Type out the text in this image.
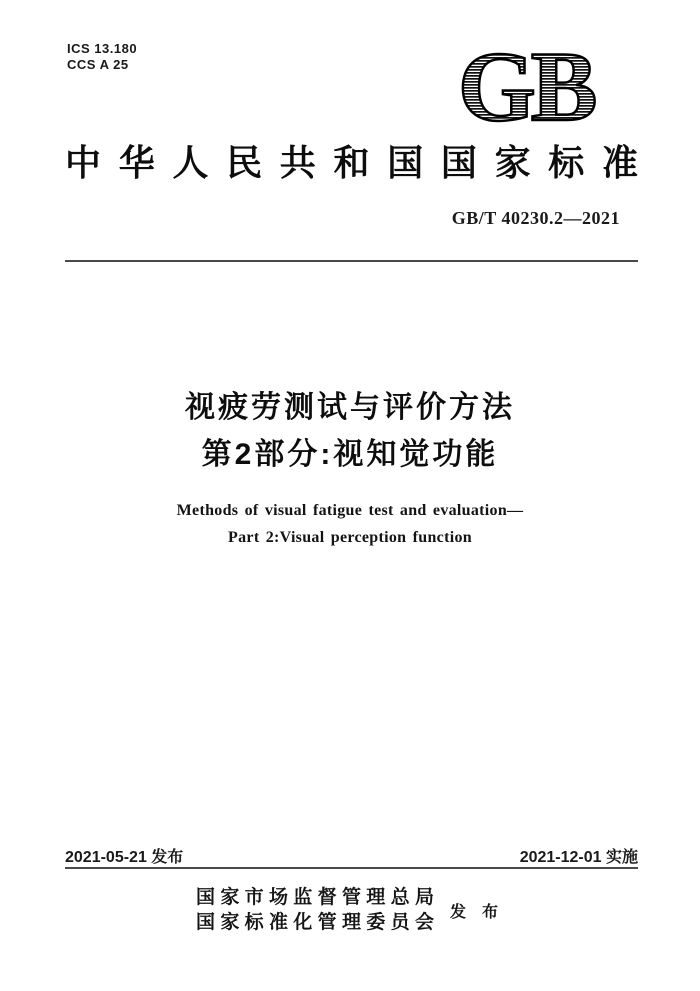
ICS 13.180
CCS A 25	GB
中华人民共和国国家标准
GB/T 40230.2—2021
视疲劳测试与评价方法
第2部分:视知觉功能
Methods of visual fatigue test and evaluation—
Part 2:Visual perception function
2021-05-21 发布	2021-12-01 实施
国家市场监督管理总局
国家标准化管理委员会 发 布
